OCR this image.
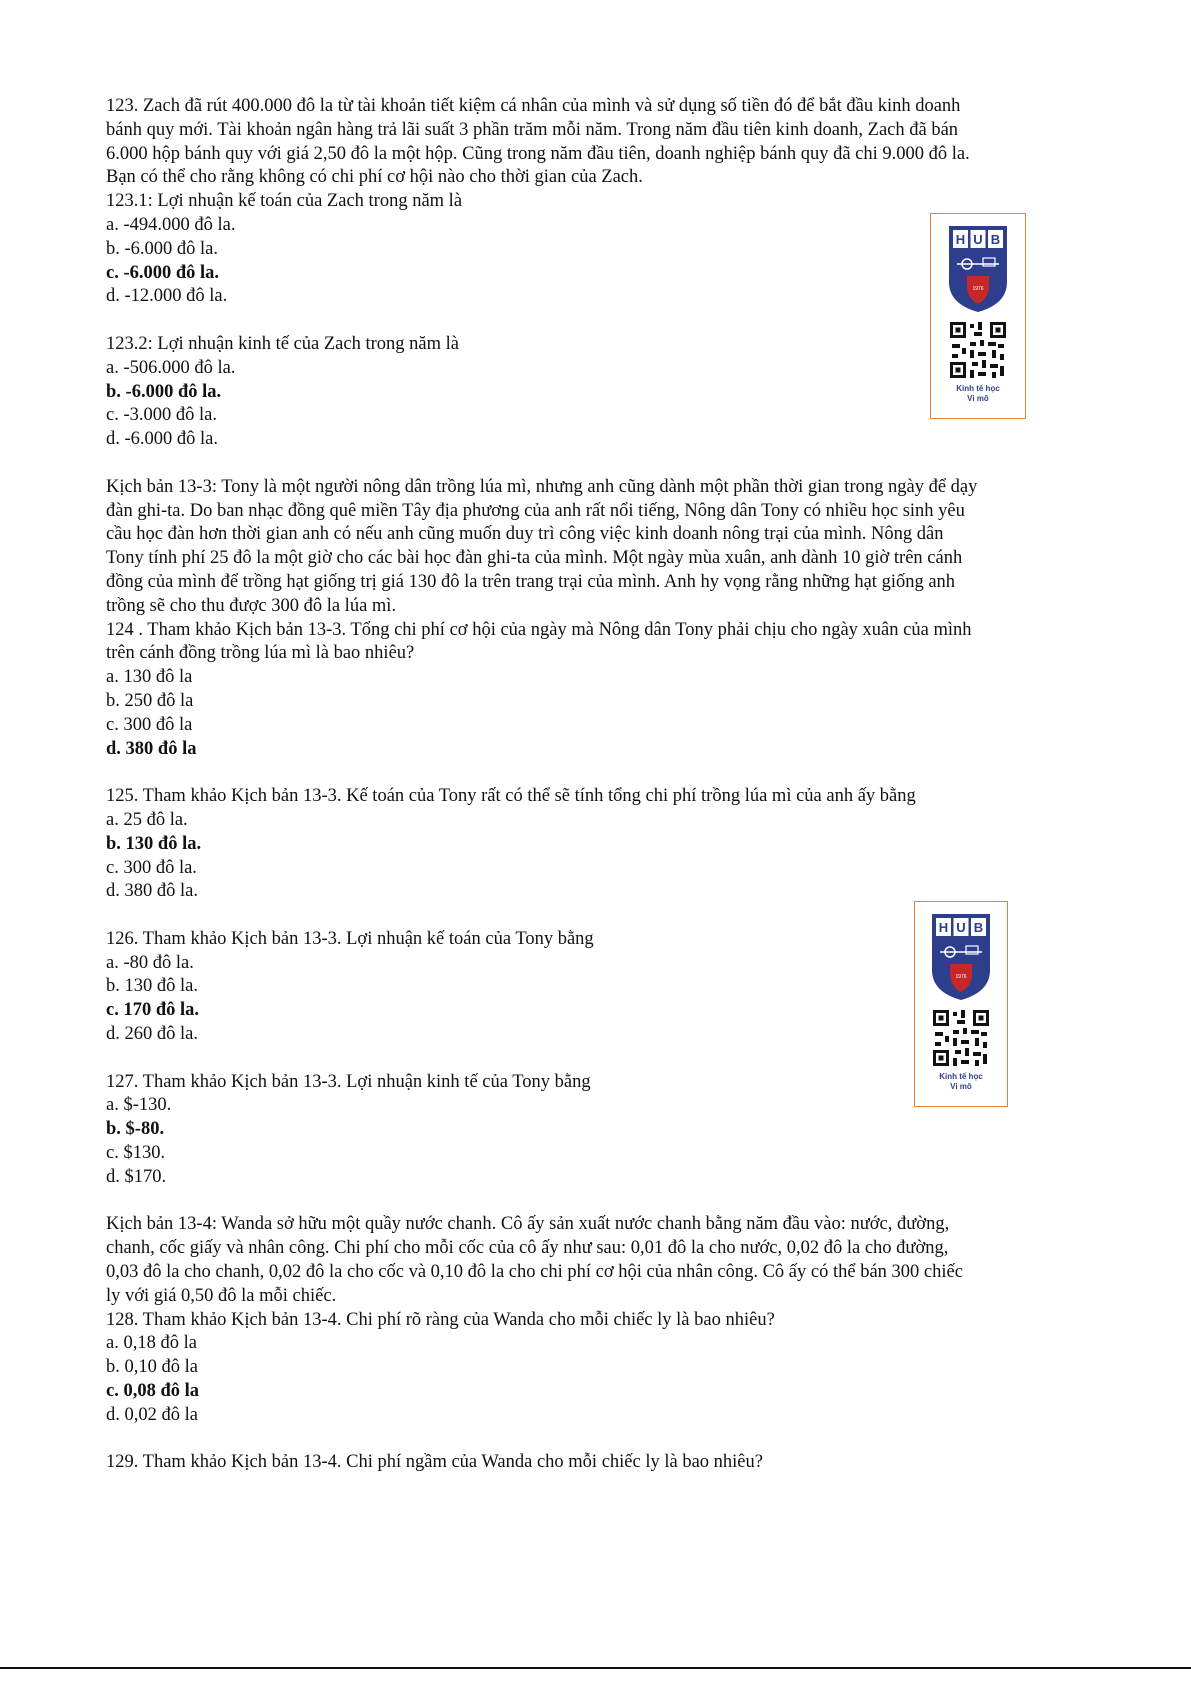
123. Zach đã rút 400.000 đô la từ tài khoản tiết kiệm cá nhân của mình và sử dụng số tiền đó để bắt đầu kinh doanh
bánh quy mới. Tài khoản ngân hàng trả lãi suất 3 phần trăm mỗi năm. Trong năm đầu tiên kinh doanh, Zach đã bán
6.000 hộp bánh quy với giá 2,50 đô la một hộp. Cũng trong năm đầu tiên, doanh nghiệp bánh quy đã chi 9.000 đô la.
Bạn có thể cho rằng không có chi phí cơ hội nào cho thời gian của Zach.
123.1: Lợi nhuận kế toán của Zach trong năm là
a. -494.000 đô la.
b. -6.000 đô la.
c. -6.000 đô la.
d. -12.000 đô la.
123.2: Lợi nhuận kinh tế của Zach trong năm là
a. -506.000 đô la.
b. -6.000 đô la.
c. -3.000 đô la.
d. -6.000 đô la.
Kịch bản 13-3: Tony là một người nông dân trồng lúa mì, nhưng anh cũng dành một phần thời gian trong ngày để dạy
đàn ghi-ta. Do ban nhạc đồng quê miền Tây địa phương của anh rất nổi tiếng, Nông dân Tony có nhiều học sinh yêu
cầu học đàn hơn thời gian anh có nếu anh cũng muốn duy trì công việc kinh doanh nông trại của mình. Nông dân
Tony tính phí 25 đô la một giờ cho các bài học đàn ghi-ta của mình. Một ngày mùa xuân, anh dành 10 giờ trên cánh
đồng của mình để trồng hạt giống trị giá 130 đô la trên trang trại của mình. Anh hy vọng rằng những hạt giống anh
trồng sẽ cho thu được 300 đô la lúa mì.
124 . Tham khảo Kịch bản 13-3. Tổng chi phí cơ hội của ngày mà Nông dân Tony phải chịu cho ngày xuân của mình
trên cánh đồng trồng lúa mì là bao nhiêu?
a. 130 đô la
b. 250 đô la
c. 300 đô la
d. 380 đô la
125. Tham khảo Kịch bản 13-3. Kế toán của Tony rất có thể sẽ tính tổng chi phí trồng lúa mì của anh ấy bằng
a. 25 đô la.
b. 130 đô la.
c. 300 đô la.
d. 380 đô la.
126. Tham khảo Kịch bản 13-3. Lợi nhuận kế toán của Tony bằng
a. -80 đô la.
b. 130 đô la.
c. 170 đô la.
d. 260 đô la.
127. Tham khảo Kịch bản 13-3. Lợi nhuận kinh tế của Tony bằng
a. $-130.
b. $-80.
c. $130.
d. $170.
Kịch bản 13-4: Wanda sở hữu một quầy nước chanh. Cô ấy sản xuất nước chanh bằng năm đầu vào: nước, đường,
chanh, cốc giấy và nhân công. Chi phí cho mỗi cốc của cô ấy như sau: 0,01 đô la cho nước, 0,02 đô la cho đường,
0,03 đô la cho chanh, 0,02 đô la cho cốc và 0,10 đô la cho chi phí cơ hội của nhân công. Cô ấy có thể bán 300 chiếc
ly với giá 0,50 đô la mỗi chiếc.
128. Tham khảo Kịch bản 13-4. Chi phí rõ ràng của Wanda cho mỗi chiếc ly là bao nhiêu?
a. 0,18 đô la
b. 0,10 đô la
c. 0,08 đô la
d. 0,02 đô la
129. Tham khảo Kịch bản 13-4. Chi phí ngầm của Wanda cho mỗi chiếc ly là bao nhiêu?
H U B
1976
Kinh tế học
Vi mô
H U B
1976
Kinh tế học
Vi mô
